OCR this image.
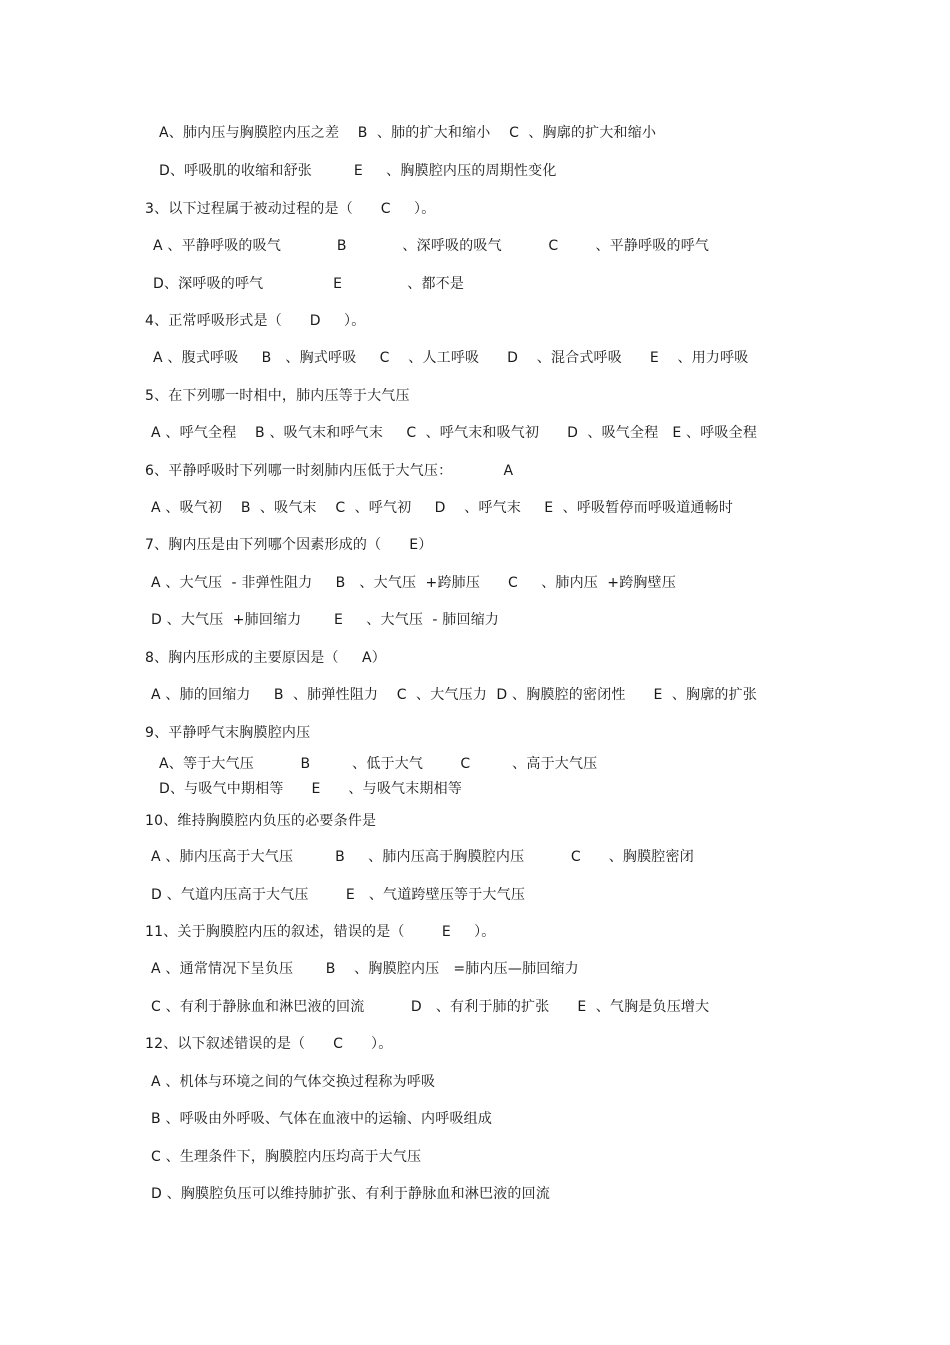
A、肺内压与胸膜腔内压之差    B  、肺的扩大和缩小    C  、胸廓的扩大和缩小
D、呼吸肌的收缩和舒张         E     、胸膜腔内压的周期性变化
3、以下过程属于被动过程的是（      C     ）。
A 、平静呼吸的吸气            B            、深呼吸的吸气          C        、平静呼吸的呼气
D、深呼吸的呼气               E              、都不是
4、正常呼吸形式是（      D     ）。
A 、腹式呼吸     B   、胸式呼吸     C    、人工呼吸      D    、混合式呼吸      E    、用力呼吸
5、在下列哪一时相中，肺内压等于大气压
A 、呼气全程    B 、吸气末和呼气末     C  、呼气末和吸气初      D  、吸气全程   E 、呼吸全程
6、平静呼吸时下列哪一时刻肺内压低于大气压：           A
A 、吸气初    B  、吸气末    C  、呼气初     D    、呼气末     E  、呼吸暂停而呼吸道通畅时
7、胸内压是由下列哪个因素形成的（      E）
A 、大气压  - 非弹性阻力     B   、大气压  +跨肺压      C     、肺内压  +跨胸壁压
D 、大气压  +肺回缩力       E     、大气压  - 肺回缩力
8、胸内压形成的主要原因是（     A）
A 、肺的回缩力     B  、肺弹性阻力    C  、大气压力  D 、胸膜腔的密闭性      E  、胸廓的扩张
9、平静呼气末胸膜腔内压
A、等于大气压          B         、低于大气        C         、高于大气压
D、与吸气中期相等      E      、与吸气末期相等
10、维持胸膜腔内负压的必要条件是
A 、肺内压高于大气压         B     、肺内压高于胸膜腔内压          C      、胸膜腔密闭
D 、气道内压高于大气压        E   、气道跨壁压等于大气压
11、关于胸膜腔内压的叙述，错误的是（        E     ）。
A 、通常情况下呈负压       B    、胸膜腔内压   =肺内压—肺回缩力
C 、有利于静脉血和淋巴液的回流          D   、有利于肺的扩张      E  、气胸是负压增大
12、以下叙述错误的是（      C      ）。
A 、机体与环境之间的气体交换过程称为呼吸
B 、呼吸由外呼吸、气体在血液中的运输、内呼吸组成
C 、生理条件下，胸膜腔内压均高于大气压
D 、胸膜腔负压可以维持肺扩张、有利于静脉血和淋巴液的回流
